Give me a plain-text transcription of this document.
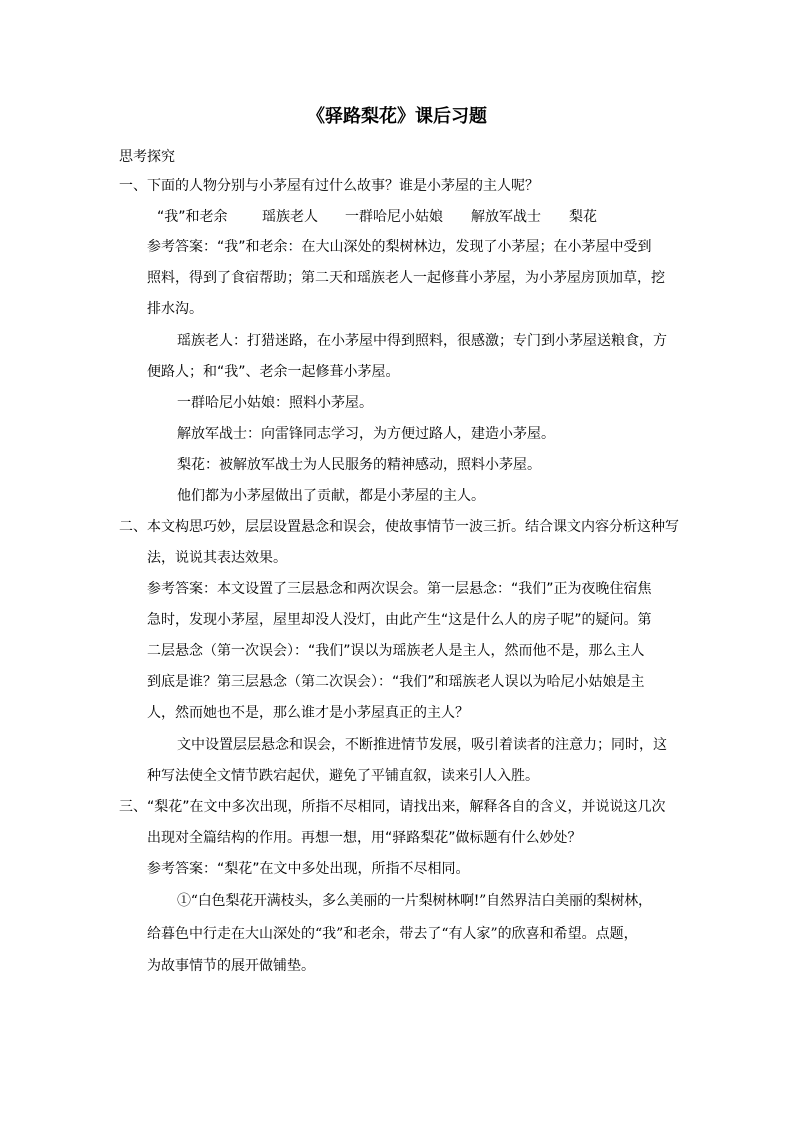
《驿路梨花》课后习题
思考探究
一、下面的人物分别与小茅屋有过什么故事？谁是小茅屋的主人呢？
“我”和老余 瑶族老人 一群哈尼小姑娘 解放军战士 梨花
参考答案：“我”和老余：在大山深处的梨树林边，发现了小茅屋；在小茅屋中受到
照料，得到了食宿帮助；第二天和瑶族老人一起修葺小茅屋，为小茅屋房顶加草，挖
排水沟。
瑶族老人：打猎迷路，在小茅屋中得到照料，很感激；专门到小茅屋送粮食，方
便路人；和“我”、老余一起修葺小茅屋。
一群哈尼小姑娘：照料小茅屋。
解放军战士：向雷锋同志学习，为方便过路人，建造小茅屋。
梨花：被解放军战士为人民服务的精神感动，照料小茅屋。
他们都为小茅屋做出了贡献，都是小茅屋的主人。
二、本文构思巧妙，层层设置悬念和误会，使故事情节一波三折。结合课文内容分析这种写
法，说说其表达效果。
参考答案：本文设置了三层悬念和两次误会。第一层悬念：“我们”正为夜晚住宿焦
急时，发现小茅屋，屋里却没人没灯，由此产生“这是什么人的房子呢”的疑问。第
二层悬念（第一次误会）：“我们”误以为瑶族老人是主人，然而他不是，那么主人
到底是谁？第三层悬念（第二次误会）：“我们”和瑶族老人误以为哈尼小姑娘是主
人，然而她也不是，那么谁才是小茅屋真正的主人？
文中设置层层悬念和误会，不断推进情节发展，吸引着读者的注意力；同时，这
种写法使全文情节跌宕起伏，避免了平铺直叙，读来引人入胜。
三、“梨花”在文中多次出现，所指不尽相同，请找出来，解释各自的含义，并说说这几次
出现对全篇结构的作用。再想一想，用“驿路梨花”做标题有什么妙处？
参考答案：“梨花”在文中多处出现，所指不尽相同。
①“白色梨花开满枝头，多么美丽的一片梨树林啊!”自然界洁白美丽的梨树林，
给暮色中行走在大山深处的“我”和老余，带去了“有人家”的欣喜和希望。点题，
为故事情节的展开做铺垫。
